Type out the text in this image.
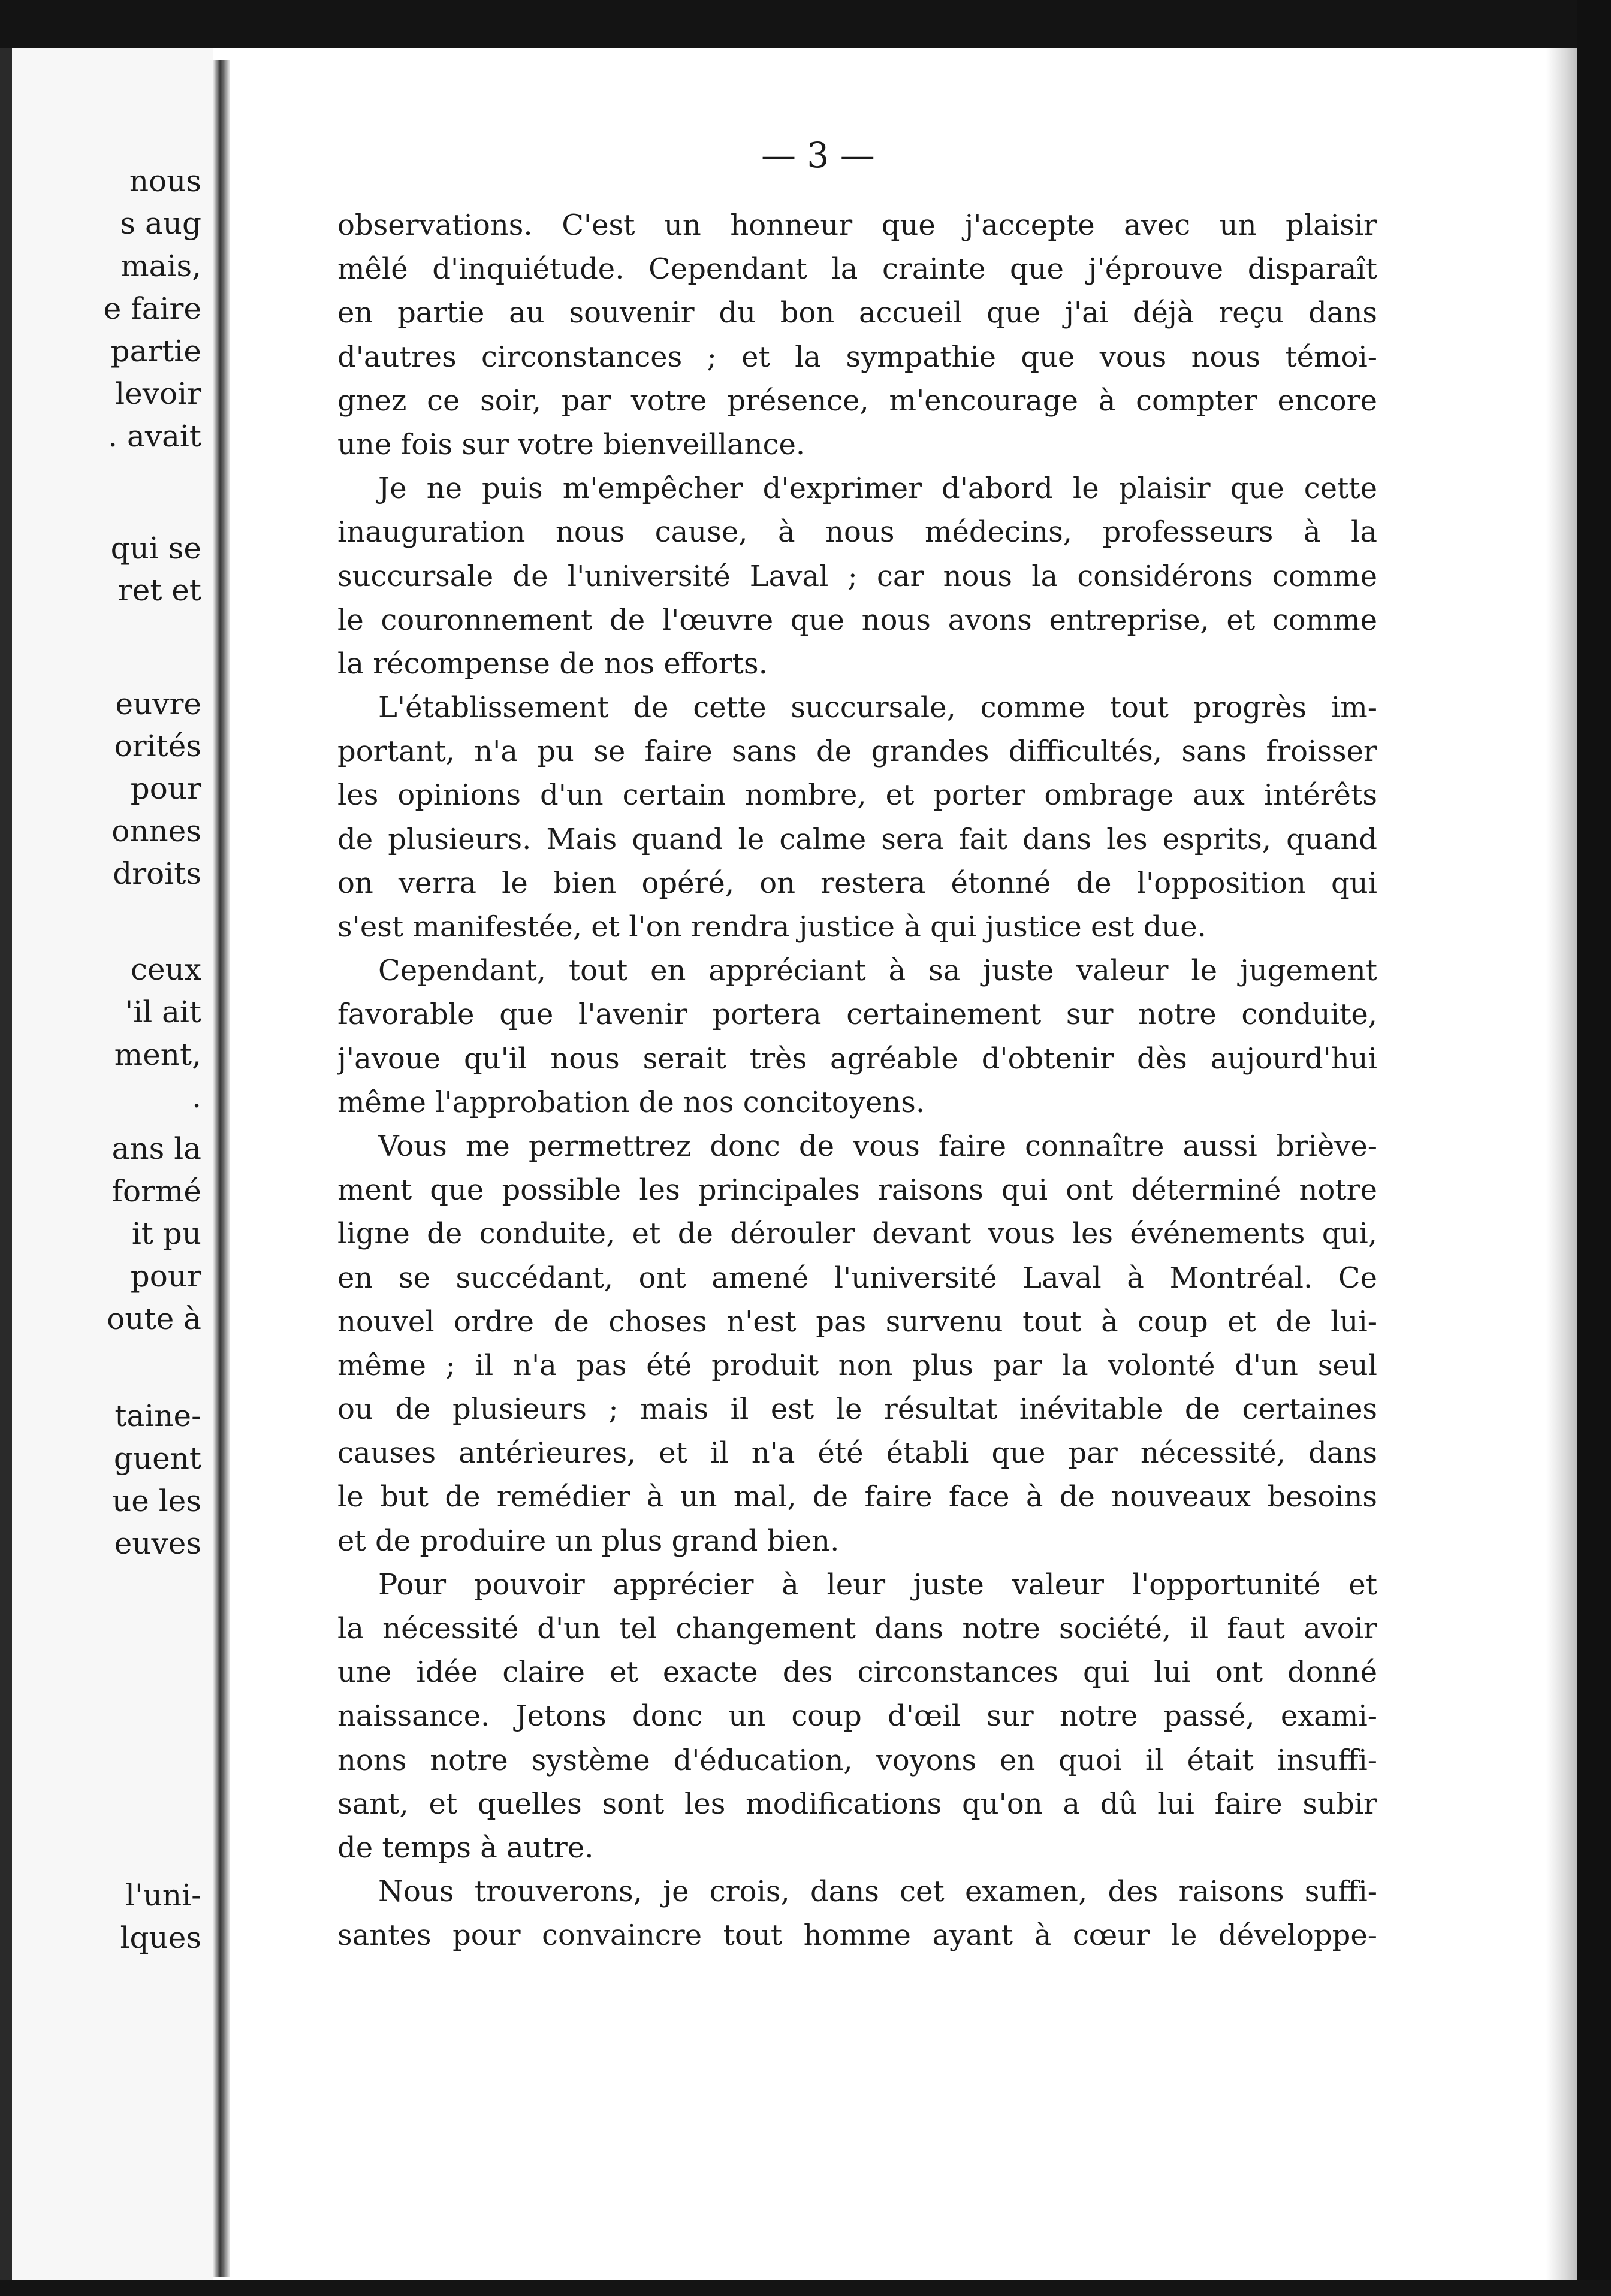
nous
s aug
mais,
e faire
partie
levoir
. avait
qui se
ret et
euvre
orités
pour
onnes
droits
ceux
'il ait
ment,
.
ans la
formé
it pu
pour
oute à
taine-
guent
ue les
euves
l'uni-
lques
— 3 —
observations. C'est un honneur que j'accepte avec un plaisir
mêlé d'inquiétude. Cependant la crainte que j'éprouve disparaît
en partie au souvenir du bon accueil que j'ai déjà reçu dans
d'autres circonstances ; et la sympathie que vous nous témoi-
gnez ce soir, par votre présence, m'encourage à compter encore
une fois sur votre bienveillance.
Je ne puis m'empêcher d'exprimer d'abord le plaisir que cette
inauguration nous cause, à nous médecins, professeurs à la
succursale de l'université Laval ; car nous la considérons comme
le couronnement de l'œuvre que nous avons entreprise, et comme
la récompense de nos efforts.
L'établissement de cette succursale, comme tout progrès im-
portant, n'a pu se faire sans de grandes difficultés, sans froisser
les opinions d'un certain nombre, et porter ombrage aux intérêts
de plusieurs. Mais quand le calme sera fait dans les esprits, quand
on verra le bien opéré, on restera étonné de l'opposition qui
s'est manifestée, et l'on rendra justice à qui justice est due.
Cependant, tout en appréciant à sa juste valeur le jugement
favorable que l'avenir portera certainement sur notre conduite,
j'avoue qu'il nous serait très agréable d'obtenir dès aujourd'hui
même l'approbation de nos concitoyens.
Vous me permettrez donc de vous faire connaître aussi briève-
ment que possible les principales raisons qui ont déterminé notre
ligne de conduite, et de dérouler devant vous les événements qui,
en se succédant, ont amené l'université Laval à Montréal. Ce
nouvel ordre de choses n'est pas survenu tout à coup et de lui-
même ; il n'a pas été produit non plus par la volonté d'un seul
ou de plusieurs ; mais il est le résultat inévitable de certaines
causes antérieures, et il n'a été établi que par nécessité, dans
le but de remédier à un mal, de faire face à de nouveaux besoins
et de produire un plus grand bien.
Pour pouvoir apprécier à leur juste valeur l'opportunité et
la nécessité d'un tel changement dans notre société, il faut avoir
une idée claire et exacte des circonstances qui lui ont donné
naissance. Jetons donc un coup d'œil sur notre passé, exami-
nons notre système d'éducation, voyons en quoi il était insuffi-
sant, et quelles sont les modifications qu'on a dû lui faire subir
de temps à autre.
Nous trouverons, je crois, dans cet examen, des raisons suffi-
santes pour convaincre tout homme ayant à cœur le développe-
